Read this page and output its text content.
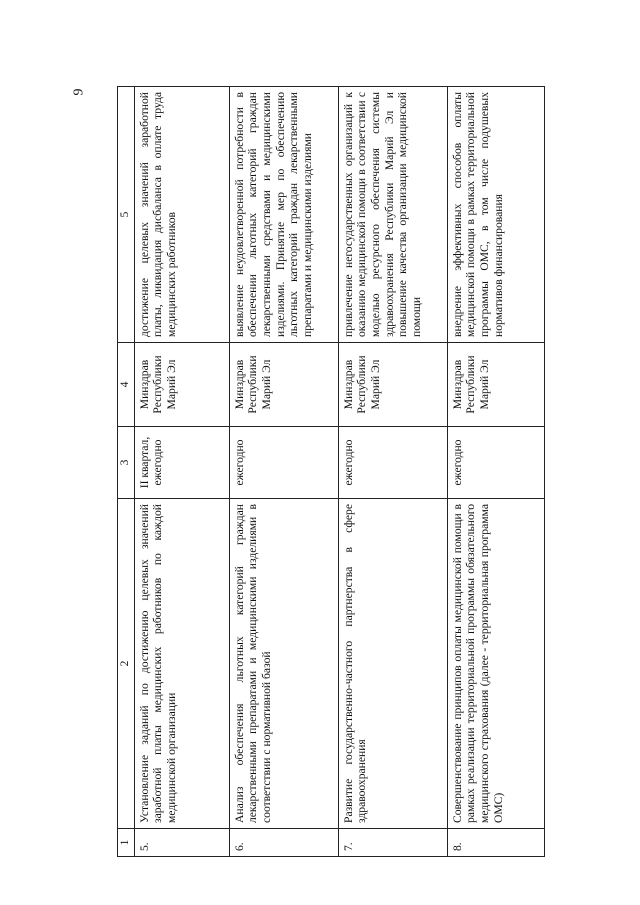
9
1	2	3	4	5
5.	Установление заданий по достижению целевых значений заработной платы медицинских работников по каждой медицинской организации	II квартал, ежегодно	Минздрав Республики Марий Эл	достижение целевых значений заработной платы, ликвидация дисбаланса в оплате труда медицинских работников
6.	Анализ обеспечения льготных категорий граждан лекарственными препаратами и медицинскими изделиями в соответствии с нормативной базой	ежегодно	Минздрав Республики Марий Эл	выявление неудовлетворенной потребности в обеспечении льготных категорий граждан лекарственными средствами и медицинскими изделиями. Принятие мер по обеспечению льготных категорий граждан лекарственными препаратами и медицинскими изделиями
7.	Развитие государственно-частного партнерства в сфере здравоохранения	ежегодно	Минздрав Республики Марий Эл	привлечение негосударственных организаций к оказанию медицинской помощи в соответствии с моделью ресурсного обеспечения системы здравоохранения Республики Марий Эл и повышение качества организации медицинской помощи
8.	Совершенствование принципов оплаты медицинской помощи в рамках реализации территориальной программы обязательного медицинского страхования (далее - территориальная программа ОМС)	ежегодно	Минздрав Республики Марий Эл	внедрение эффективных способов оплаты медицинской помощи в рамках территориальной программы ОМС, в том числе подушевых нормативов финансирования
